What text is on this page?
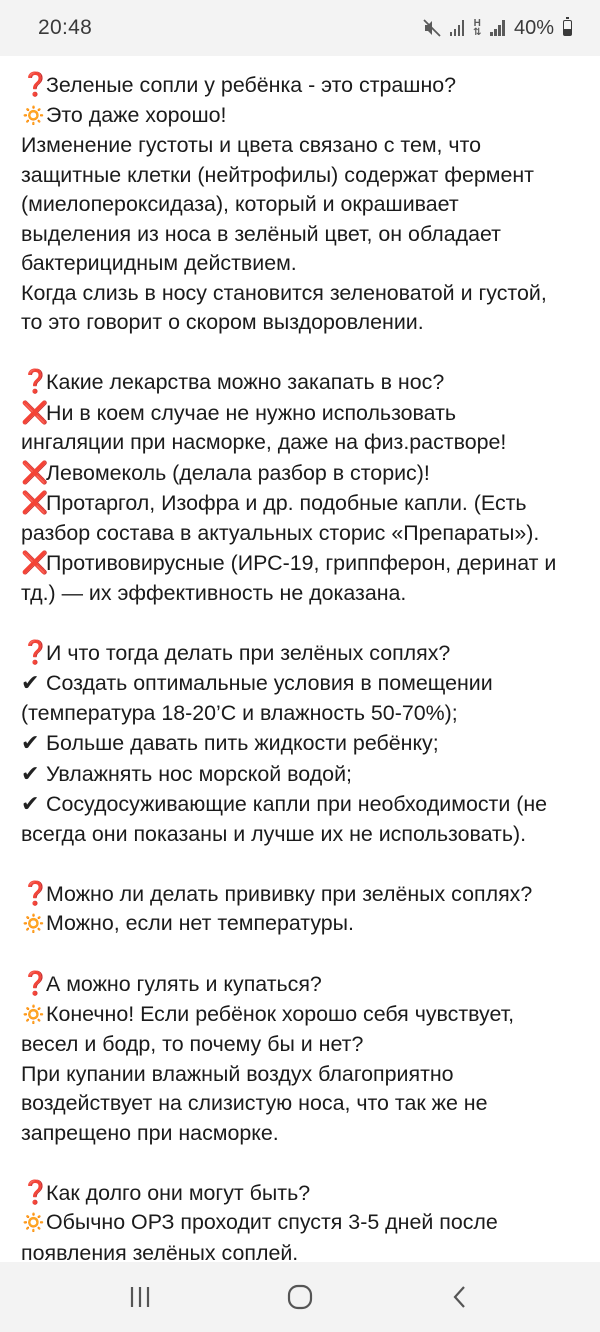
20:48	H
⇅ 40%
❓Зеленые сопли у ребёнка - это страшно?
🔅Это даже хорошо!
Изменение густоты и цвета связано с тем, что
защитные клетки (нейтрофилы) содержат фермент
(миелопероксидаза), который и окрашивает
выделения из носа в зелёный цвет, он обладает
бактерицидным действием.
Когда слизь в носу становится зеленоватой и густой,
то это говорит о скором выздоровлении.
❓Какие лекарства можно закапать в нос?
❌Ни в коем случае не нужно использовать
ингаляции при насморке, даже на физ.растворе!
❌Левомеколь (делала разбор в сторис)!
❌Протаргол, Изофра и др. подобные капли. (Есть
разбор состава в актуальных сторис «Препараты»).
❌Противовирусные (ИРС-19, гриппферон, деринат и
тд.) — их эффективность не доказана.
❓И что тогда делать при зелёных соплях?
✔ Создать оптимальные условия в помещении
(температура 18-20’С и влажность 50-70%);
✔ Больше давать пить жидкости ребёнку;
✔ Увлажнять нос морской водой;
✔ Сосудосуживающие капли при необходимости (не
всегда они показаны и лучше их не использовать).
❓Можно ли делать прививку при зелёных соплях?
🔅Можно, если нет температуры.
❓А можно гулять и купаться?
🔅Конечно! Если ребёнок хорошо себя чувствует,
весел и бодр, то почему бы и нет?
При купании влажный воздух благоприятно
воздействует на слизистую носа, что так же не
запрещено при насморке.
❓Как долго они могут быть?
🔅Обычно ОРЗ проходит спустя 3-5 дней после
появления зелёных соплей.
